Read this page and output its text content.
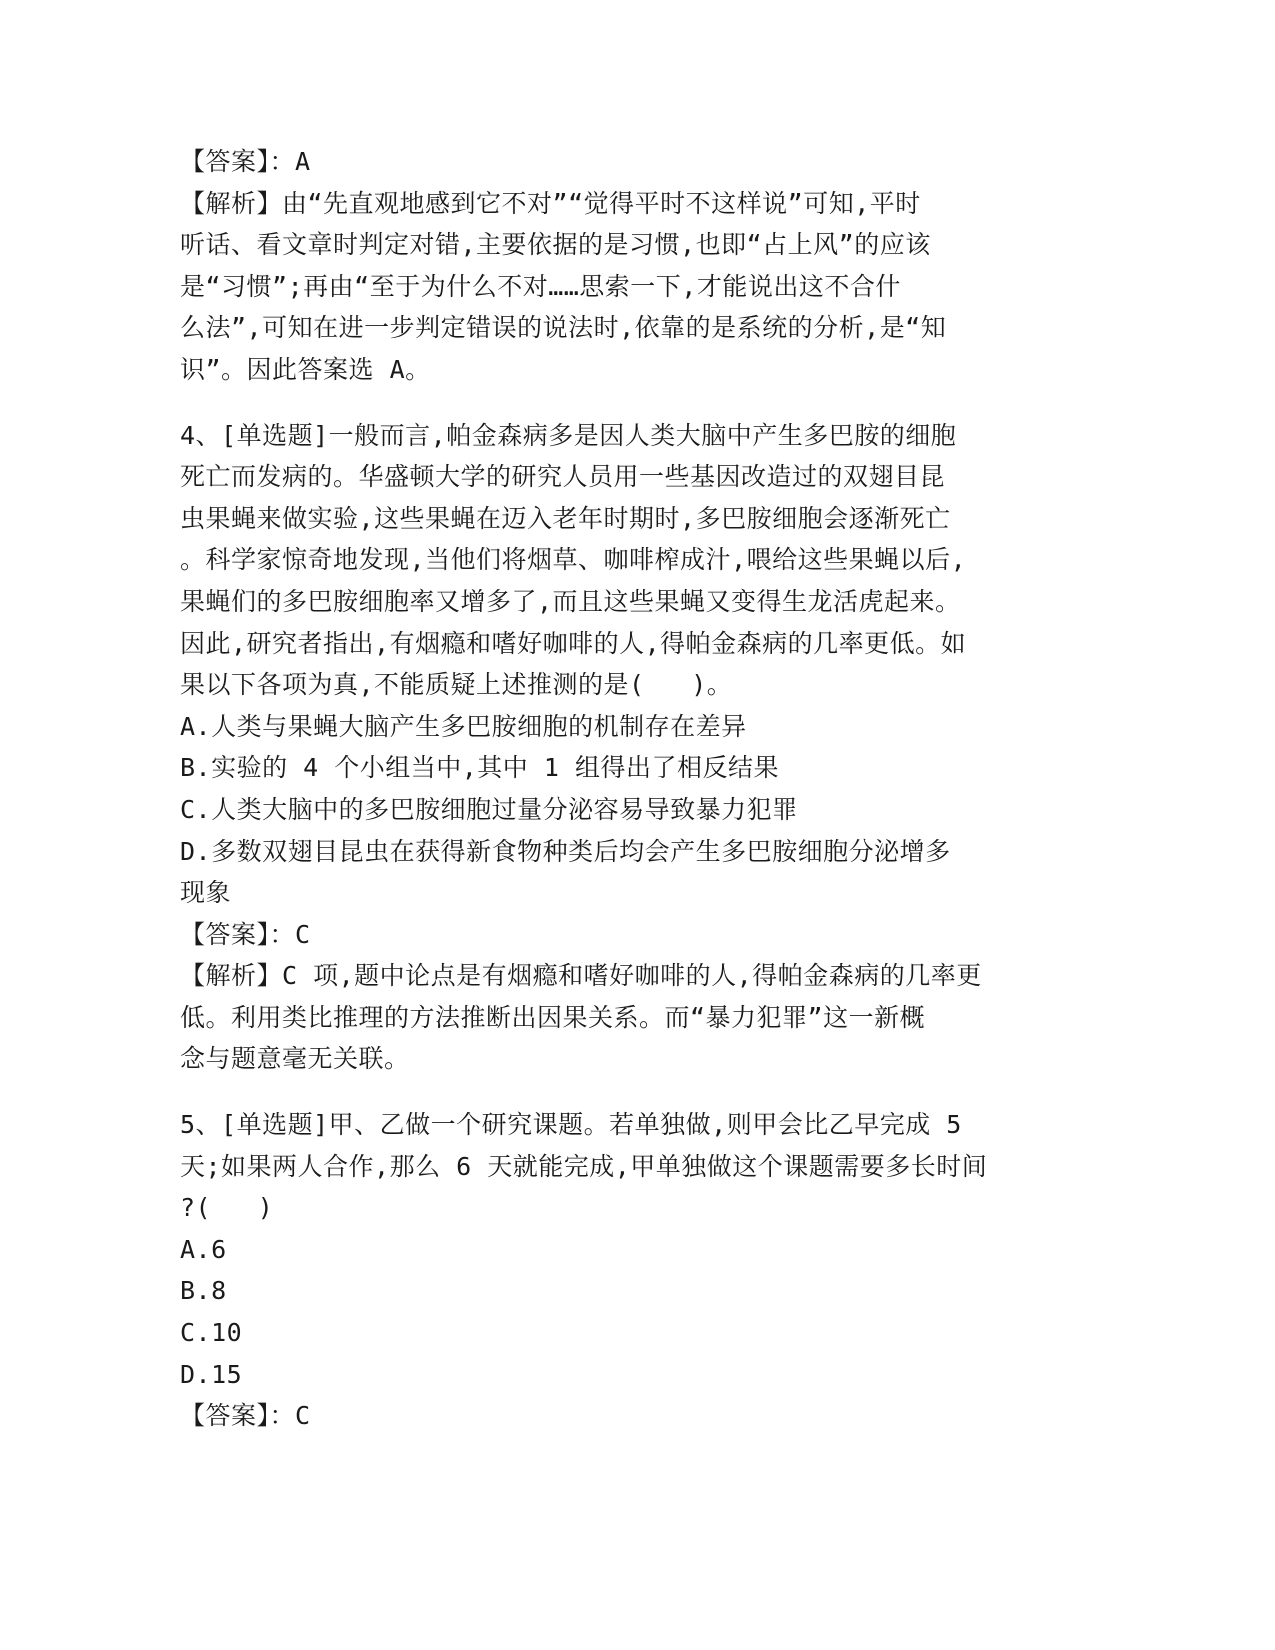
【答案】：A
【解析】由“先直观地感到它不对”“觉得平时不这样说”可知,平时
听话、看文章时判定对错,主要依据的是习惯,也即“占上风”的应该
是“习惯”;再由“至于为什么不对……思索一下,才能说出这不合什
么法”,可知在进一步判定错误的说法时,依靠的是系统的分析,是“知
识”。因此答案选 A。
4、[单选题]一般而言,帕金森病多是因人类大脑中产生多巴胺的细胞
死亡而发病的。华盛顿大学的研究人员用一些基因改造过的双翅目昆
虫果蝇来做实验,这些果蝇在迈入老年时期时,多巴胺细胞会逐渐死亡
。科学家惊奇地发现,当他们将烟草、咖啡榨成汁,喂给这些果蝇以后,
果蝇们的多巴胺细胞率又增多了,而且这些果蝇又变得生龙活虎起来。
因此,研究者指出,有烟瘾和嗜好咖啡的人,得帕金森病的几率更低。如
果以下各项为真,不能质疑上述推测的是(   )。
A.人类与果蝇大脑产生多巴胺细胞的机制存在差异
B.实验的 4 个小组当中,其中 1 组得出了相反结果
C.人类大脑中的多巴胺细胞过量分泌容易导致暴力犯罪
D.多数双翅目昆虫在获得新食物种类后均会产生多巴胺细胞分泌增多
现象
【答案】：C
【解析】C 项,题中论点是有烟瘾和嗜好咖啡的人,得帕金森病的几率更
低。利用类比推理的方法推断出因果关系。而“暴力犯罪”这一新概
念与题意毫无关联。
5、[单选题]甲、乙做一个研究课题。若单独做,则甲会比乙早完成 5
天;如果两人合作,那么 6 天就能完成,甲单独做这个课题需要多长时间
?(   )
A.6
B.8
C.10
D.15
【答案】：C
